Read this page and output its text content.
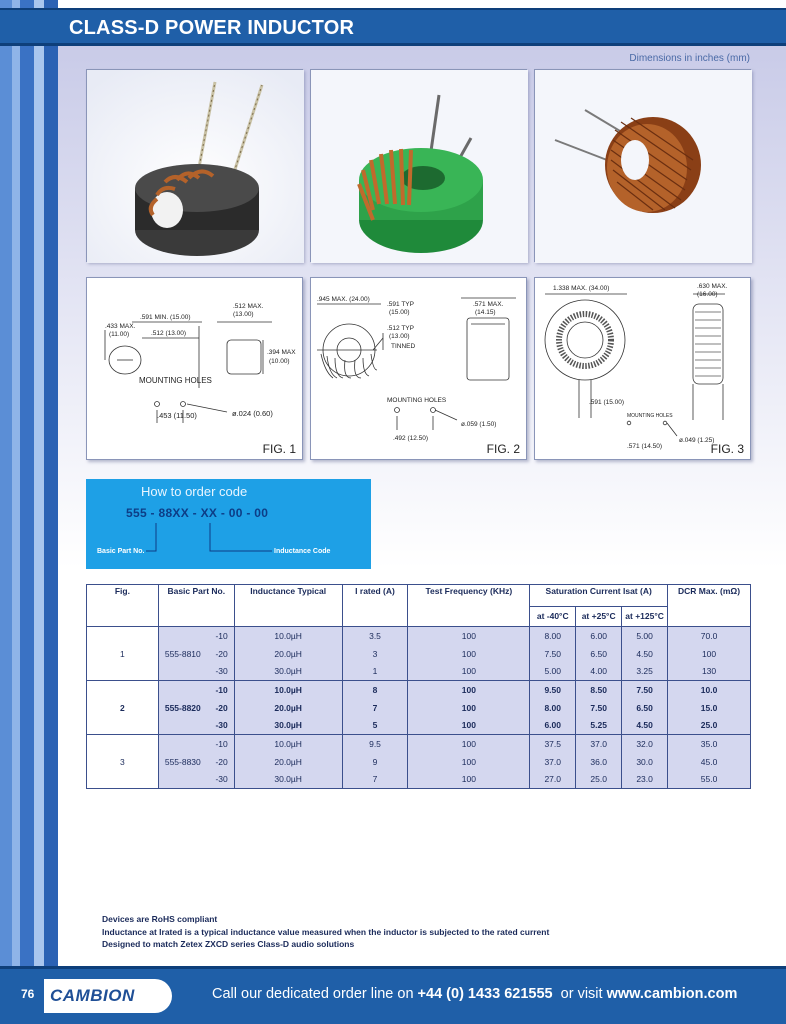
CLASS-D POWER INDUCTOR
Dimensions in inches (mm)
.433 MAX.
(11.00)
.591 MIN. (15.00)
.512 (13.00)
.512 MAX.
(13.00)
.394 MAX
(10.00)
MOUNTING HOLES
.453 (11.50)	ø.024 (0.60)
FIG. 1
.945 MAX. (24.00)
.591 TYP
(15.00)
.512 TYP
(13.00)
TINNED
.571 MAX.
(14.15)
MOUNTING HOLES
ø.059 (1.50)
.492 (12.50)
FIG. 2
1.338 MAX. (34.00)	.630 MAX.
(16.00)
.591 (15.00)
MOUNTING HOLES
ø.049 (1.25)
.571 (14.50)	FIG. 3
How to order code
555 - 88XX - XX - 00 - 00
Basic Part No.	Inductance Code
Fig.	Basic Part No.	Inductance Typical	I rated (A)	Test Frequency (KHz)	Saturation Current Isat (A)			DCR Max. (mΩ)
					at -40°C	at +25°C	at +125°C	

	-10	10.0µH	3.5	100	8.00	6.00	5.00	70.0
1	555-8810 -20	20.0µH	3	100	7.50	6.50	4.50	100

	-30	30.0µH	1	100	5.00	4.00	3.25	130

	-10	10.0µH	8	100	9.50	8.50	7.50	10.0
2	555-8820 -20	20.0µH	7	100	8.00	7.50	6.50	15.0

	-30	30.0µH	5	100	6.00	5.25	4.50	25.0

	-10	10.0µH	9.5	100	37.5	37.0	32.0	35.0
3	555-8830 -20	20.0µH	9	100	37.0	36.0	30.0	45.0

	-30	30.0µH	7	100	27.0	25.0	23.0	55.0
Devices are RoHS compliant
Inductance at Irated is a typical inductance value measured when the inductor is subjected to the rated current
Designed to match Zetex ZXCD series Class-D audio solutions
76 CAMBION	Call our dedicated order line on +44 (0) 1433 621555  or visit www.cambion.com
